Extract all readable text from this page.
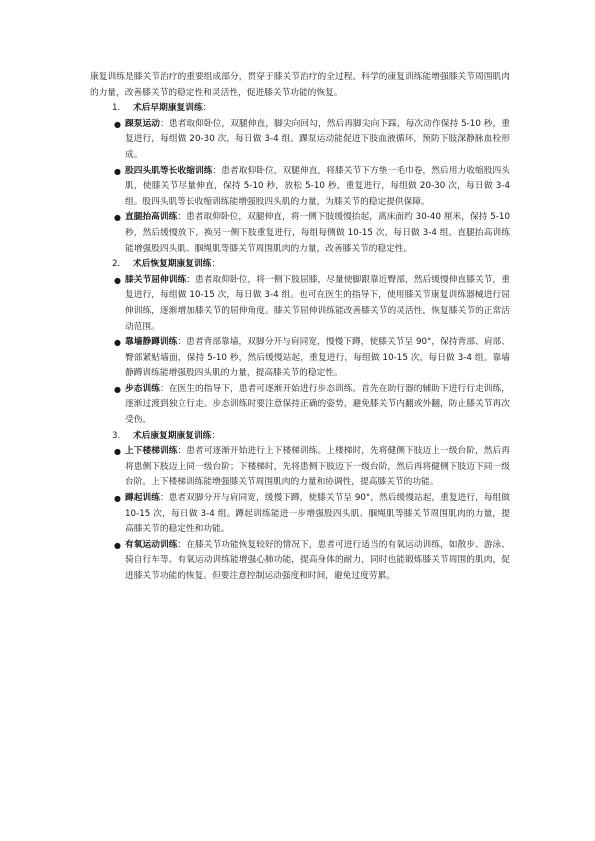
康复训练是膝关节治疗的重要组成部分，贯穿于膝关节治疗的全过程。科学的康复训练能增强膝关节周围肌肉的力量，改善膝关节的稳定性和灵活性，促进膝关节功能的恢复。

1. 术后早期康复训练：
● 踝泵运动：患者取仰卧位，双腿伸直，脚尖向回勾，然后再脚尖向下踩，每次动作保持 5-10 秒，重复进行，每组做 20-30 次，每日做 3-4 组。踝泵运动能促进下肢血液循环，预防下肢深静脉血栓形成。
● 股四头肌等长收缩训练：患者取仰卧位，双腿伸直，将膝关节下方垫一毛巾卷，然后用力收缩股四头肌，使膝关节尽量伸直，保持 5-10 秒，放松 5-10 秒，重复进行，每组做 20-30 次，每日做 3-4 组。股四头肌等长收缩训练能增强股四头肌的力量，为膝关节的稳定提供保障。
● 直腿抬高训练：患者取仰卧位，双腿伸直，将一侧下肢缓慢抬起，离床面约 30-40 厘米，保持 5-10 秒，然后缓慢放下，换另一侧下肢重复进行，每组每侧做 10-15 次，每日做 3-4 组。直腿抬高训练能增强股四头肌、腘绳肌等膝关节周围肌肉的力量，改善膝关节的稳定性。
2. 术后恢复期康复训练：
● 膝关节屈伸训练：患者取仰卧位，将一侧下肢屈膝，尽量使脚跟靠近臀部，然后缓慢伸直膝关节，重复进行，每组做 10-15 次，每日做 3-4 组。也可在医生的指导下，使用膝关节康复训练器械进行屈伸训练，逐渐增加膝关节的屈伸角度。膝关节屈伸训练能改善膝关节的灵活性，恢复膝关节的正常活动范围。
● 靠墙静蹲训练：患者背部靠墙，双脚分开与肩同宽，慢慢下蹲，使膝关节呈 90°，保持背部、肩部、臀部紧贴墙面，保持 5-10 秒，然后缓慢站起，重复进行，每组做 10-15 次，每日做 3-4 组。靠墙静蹲训练能增强股四头肌的力量，提高膝关节的稳定性。
● 步态训练：在医生的指导下，患者可逐渐开始进行步态训练。首先在助行器的辅助下进行行走训练，逐渐过渡到独立行走。步态训练时要注意保持正确的姿势，避免膝关节内翻或外翻，防止膝关节再次受伤。
3. 术后康复期康复训练：
● 上下楼梯训练：患者可逐渐开始进行上下楼梯训练。上楼梯时，先将健侧下肢迈上一级台阶，然后再将患侧下肢迈上同一级台阶；下楼梯时，先将患侧下肢迈下一级台阶，然后再将健侧下肢迈下同一级台阶。上下楼梯训练能增强膝关节周围肌肉的力量和协调性，提高膝关节的功能。
● 蹲起训练：患者双脚分开与肩同宽，缓慢下蹲，使膝关节呈 90°，然后缓慢站起，重复进行，每组做 10-15 次，每日做 3-4 组。蹲起训练能进一步增强股四头肌、腘绳肌等膝关节周围肌肉的力量，提高膝关节的稳定性和功能。
● 有氧运动训练：在膝关节功能恢复较好的情况下，患者可进行适当的有氧运动训练，如散步、游泳、骑自行车等。有氧运动训练能增强心肺功能，提高身体的耐力，同时也能锻炼膝关节周围的肌肉，促进膝关节功能的恢复。但要注意控制运动强度和时间，避免过度劳累。
